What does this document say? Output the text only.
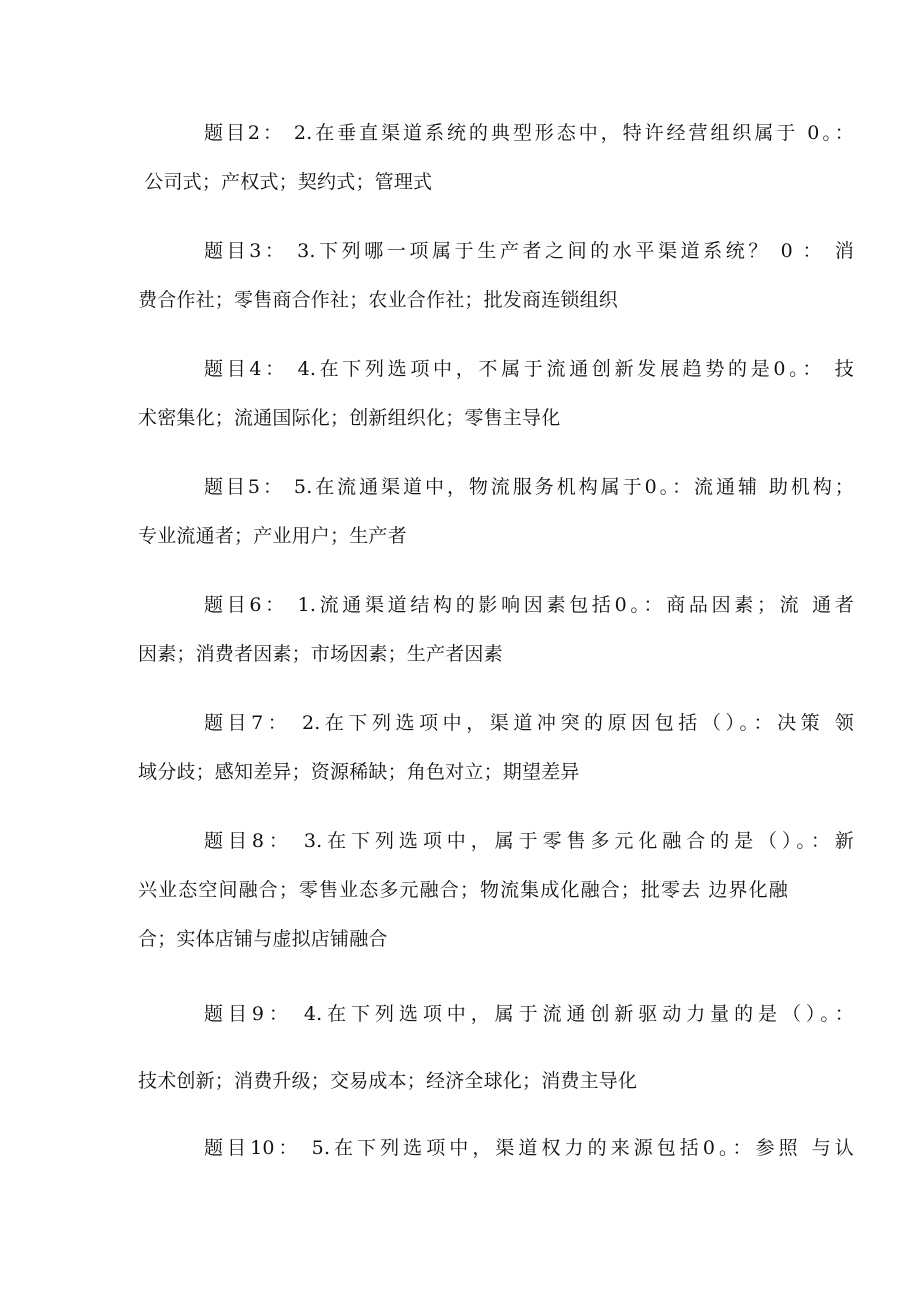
题目2： 2.在垂直渠道系统的典型形态中，特许经营组织属于 0。：
公司式；产权式；契约式；管理式
题目3： 3.下列哪一项属于生产者之间的水平渠道系统？ 0 ： 消
费合作社；零售商合作社；农业合作社；批发商连锁组织
题目4： 4.在下列选项中，不属于流通创新发展趋势的是0。： 技
术密集化；流通国际化；创新组织化；零售主导化
题目5： 5.在流通渠道中，物流服务机构属于0。：流通辅 助机构；
专业流通者；产业用户；生产者
题目6： 1.流通渠道结构的影响因素包括0。：商品因素；流 通者
因素；消费者因素；市场因素；生产者因素
题目7： 2.在下列选项中，渠道冲突的原因包括（）。：决策 领
域分歧；感知差异；资源稀缺；角色对立；期望差异
题目8： 3.在下列选项中，属于零售多元化融合的是（）。：新
兴业态空间融合；零售业态多元融合；物流集成化融合；批零去 边界化融
合；实体店铺与虚拟店铺融合
题目9： 4.在下列选项中，属于流通创新驱动力量的是（）。：
技术创新；消费升级；交易成本；经济全球化；消费主导化
题目10： 5.在下列选项中，渠道权力的来源包括0。：参照 与认
